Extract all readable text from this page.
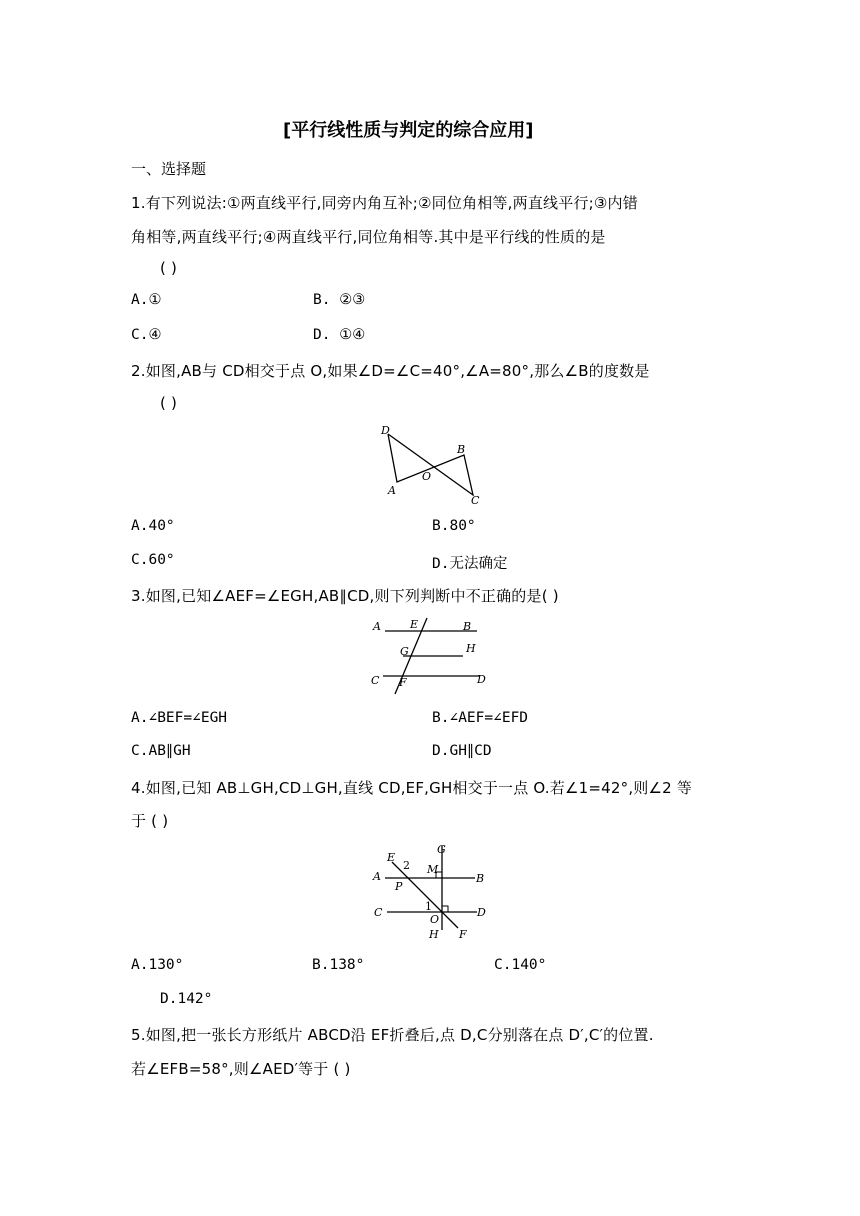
[平行线性质与判定的综合应用]
一、选择题
1.有下列说法:①两直线平行,同旁内角互补;②同位角相等,两直线平行;③内错
角相等,两直线平行;④两直线平行,同位角相等.其中是平行线的性质的是
( )
A.①	B. ②③
C.④	D. ①④
2.如图,AB与 CD相交于点 O,如果∠D=∠C=40°,∠A=80°,那么∠B的度数是
( )
D
B
O
A
C
A.40°	B.80°
C.60°	D.无法确定
3.如图,已知∠AEF=∠EGH,AB∥CD,则下列判断中不正确的是( )
A	E	B
G	H
C F	D
A.∠BEF=∠EGH	B.∠AEF=∠EFD
C.AB∥GH	D.GH∥CD
4.如图,已知 AB⊥GH,CD⊥GH,直线 CD,EF,GH相交于一点 O.若∠1=42°,则∠2 等
于 ( )
E
G
2 M
A
P
B
C	1	D
O
H F
A.130°	B.138°	C.140°
D.142°
5.如图,把一张长方形纸片 ABCD沿 EF折叠后,点 D,C分别落在点 D′,C′的位置.
若∠EFB=58°,则∠AED′等于 ( )
